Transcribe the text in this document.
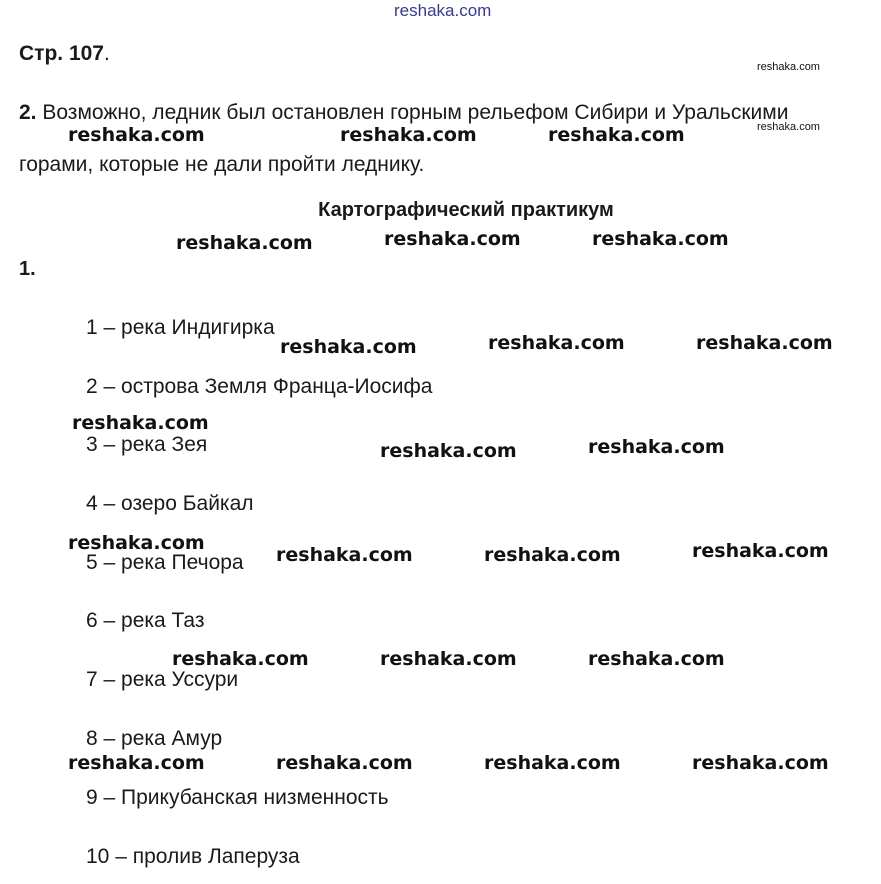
reshaka.com
Стр. 107.
2. Возможно, ледник был остановлен горным рельефом Сибири и Уральскими
горами, которые не дали пройти леднику.
Картографический практикум
1.
1 – река Индигирка
2 – острова Земля Франца-Иосифа
3 – река Зея
4 – озеро Байкал
5 – река Печора
6 – река Таз
7 – река Уссури
8 – река Амур
9 – Прикубанская низменность
10 – пролив Лаперуза
reshaka.com
reshaka.com
reshaka.com	reshaka.com	reshaka.com
reshaka.com	reshaka.com	reshaka.com
reshaka.com	reshaka.com	reshaka.com
reshaka.com
reshaka.com	reshaka.com
reshaka.com
reshaka.com	reshaka.com	reshaka.com
reshaka.com	reshaka.com	reshaka.com
reshaka.com	reshaka.com	reshaka.com	reshaka.com
